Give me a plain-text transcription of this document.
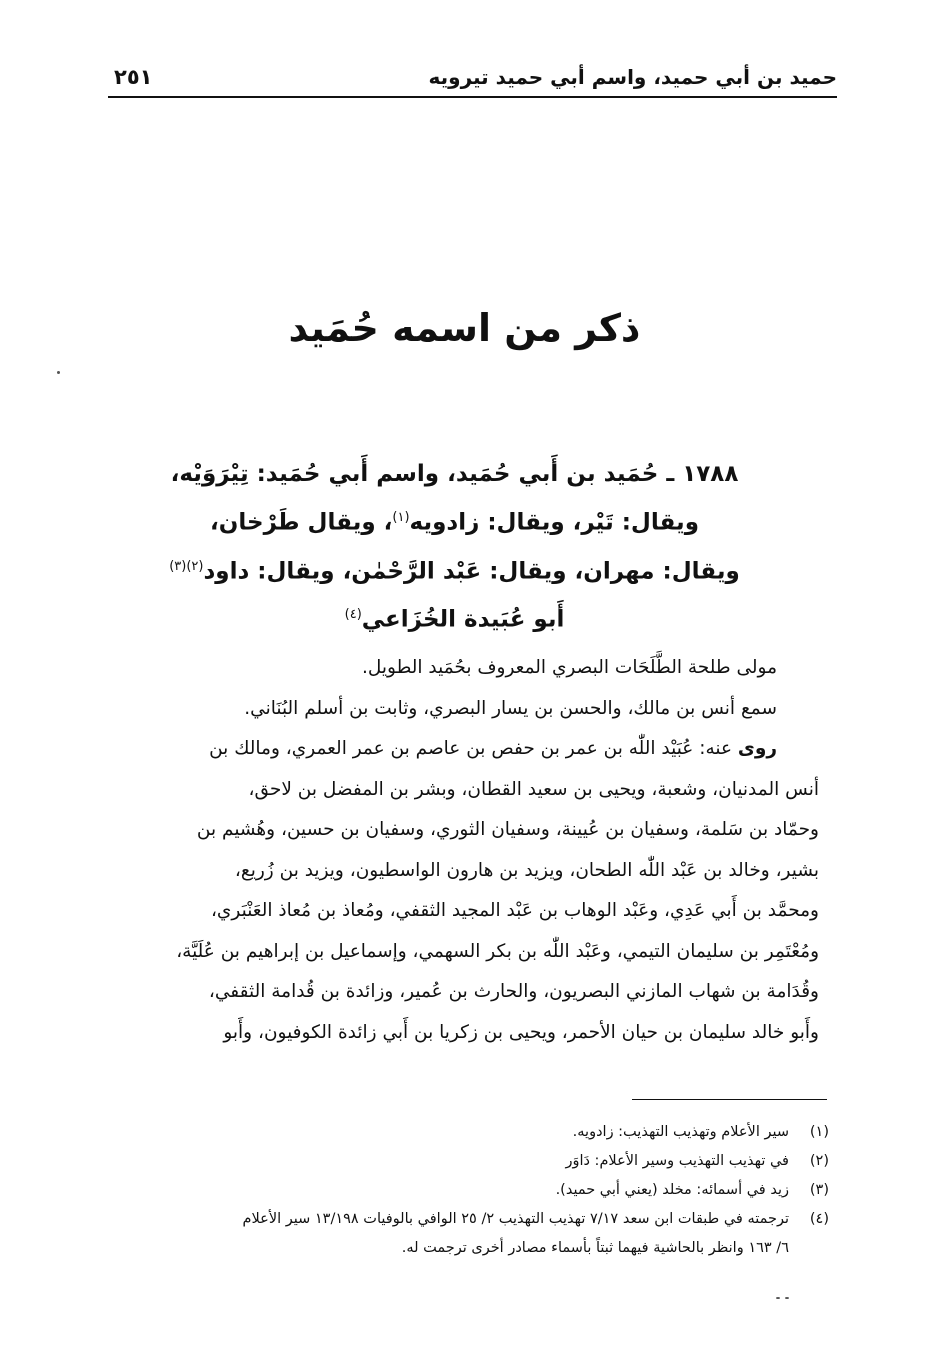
حميد بن أبي حميد، واسم أبي حميد تيرويه
٢٥١
ذكر من اسمه حُمَيد
١٧٨٨ ـ حُمَيد بن أَبي حُمَيد، واسم أَبي حُمَيد: تِيْرَوَيْه،
ويقال: تَيْر، ويقال: زادويه$^{(١)}$، ويقال طَرْخان،
ويقال: مهران، ويقال: عَبْد الرَّحْمٰن، ويقال: داود$^{(٢)(٣)}$
أَبو عُبَيدة الخُزَاعي$^{(٤)}$
مولى طلحة الطَّلَحَات البصري المعروف بحُمَيد الطويل.
سمع أنس بن مالك، والحسن بن يسار البصري، وثابت بن أسلم البُنَاني.
روى عنه: عُبَيْد اللّٰه بن عمر بن حفص بن عاصم بن عمر العمري، ومالك بن
أنس المدنيان، وشعبة، ويحيى بن سعيد القطان، وبشر بن المفضل بن لاحق،
وحمّاد بن سَلمة، وسفيان بن عُيينة، وسفيان الثوري، وسفيان بن حسين، وهُشيم بن
بشير، وخالد بن عَبْد اللّٰه الطحان، ويزيد بن هارون الواسطيون، ويزيد بن زُريع،
ومحمَّد بن أَبي عَدِي، وعَبْد الوهاب بن عَبْد المجيد الثقفي، ومُعاذ بن مُعاذ العَنْبَري،
ومُعْتَمِر بن سليمان التيمي، وعَبْد اللّٰه بن بكر السهمي، وإسماعيل بن إبراهيم بن عُلَيَّة،
وقُدَامة بن شهاب المازني البصريون، والحارث بن عُمير، وزائدة بن قُدامة الثقفي،
وأَبو خالد سليمان بن حيان الأحمر، ويحيى بن زكريا بن أَبي زائدة الكوفيون، وأَبو
(١)سير الأعلام وتهذيب التهذيب: زادويه.
(٢)في تهذيب التهذيب وسير الأعلام: دَاوَر
(٣)زيد في أسمائه: مخلد (يعني أبي حميد).
(٤)ترجمته في طبقات ابن سعد ٧/١٧ تهذيب التهذيب ٢/ ٢٥ الوافي بالوفيات ١٣/١٩٨ سير الأعلام
٦/ ١٦٣ وانظر بالحاشية فيهما ثبتاً بأسماء مصادر أخرى ترجمت له.
